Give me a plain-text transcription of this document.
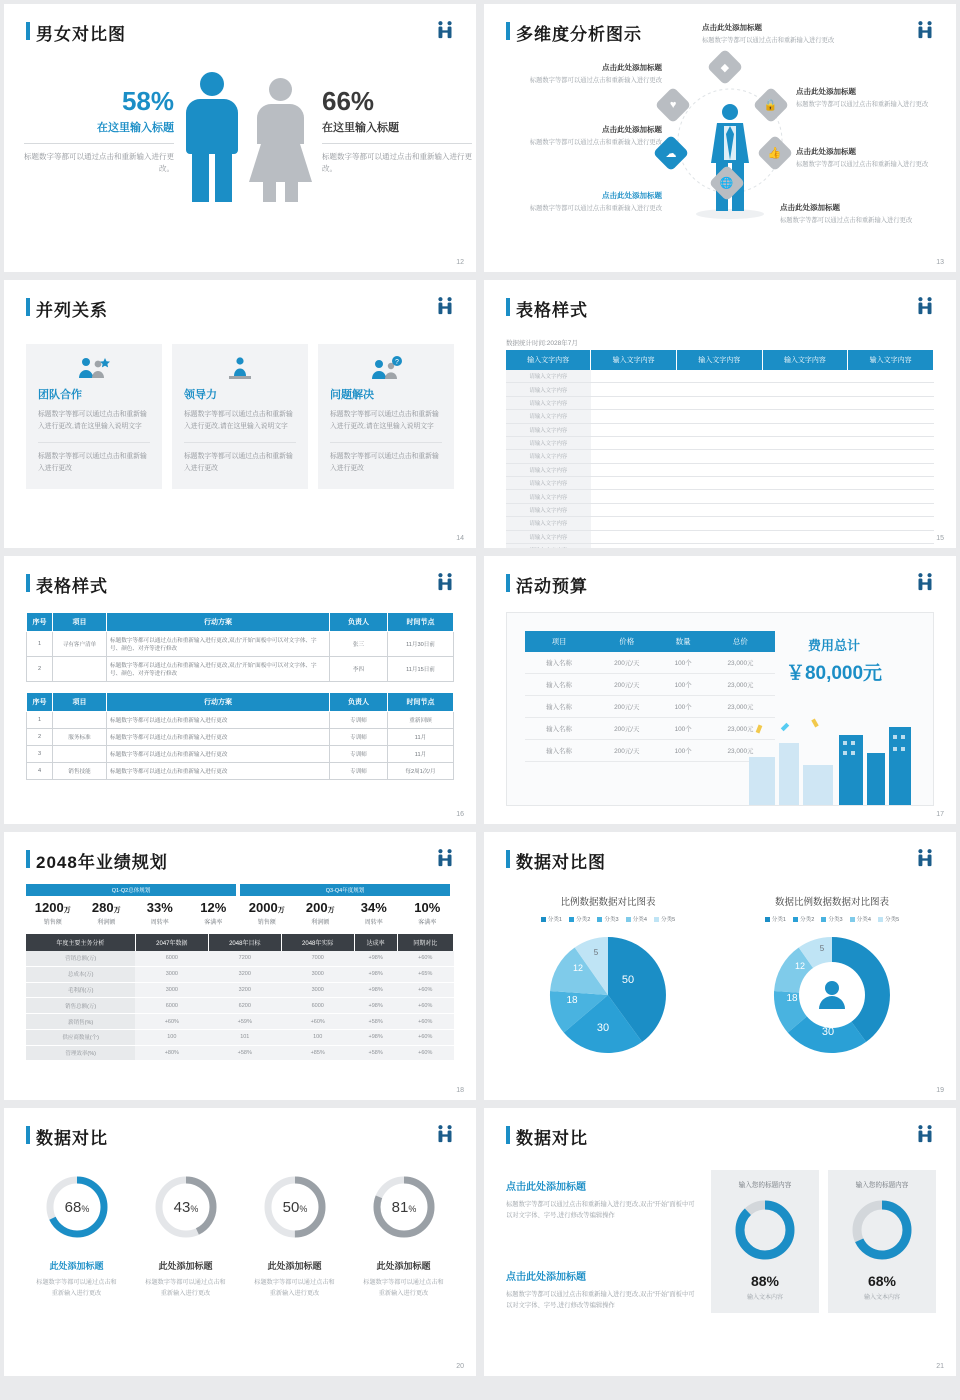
男女对比图
58%
在这里输入标题
标题数字等都可以通过点击和重新输入进行更改。
66%
在这里输入标题
标题数字等都可以通过点击和重新输入进行更改。
12
多维度分析图示
◆
♥
☁
🔒
👍
🌐
点击此处添加标题
标题数字等都可以通过点击和重新输入进行更改
点击此处添加标题
标题数字等都可以通过点击和重新输入进行更改
点击此处添加标题
标题数字等都可以通过点击和重新输入进行更改
点击此处添加标题
标题数字等都可以通过点击和重新输入进行更改
点击此处添加标题
标题数字等都可以通过点击和重新输入进行更改
点击此处添加标题
标题数字等都可以通过点击和重新输入进行更改
点击此处添加标题
标题数字等都可以通过点击和重新输入进行更改
13
并列关系
团队合作

标题数字等都可以通过点击和重新输入进行更改,请在这里输入说明文字

标题数字等都可以通过点击和重新输入进行更改

领导力

标题数字等都可以通过点击和重新输入进行更改,请在这里输入说明文字

标题数字等都可以通过点击和重新输入进行更改

?
问题解决

标题数字等都可以通过点击和重新输入进行更改,请在这里输入说明文字

标题数字等都可以通过点击和重新输入进行更改

14
表格样式
数据统计时间:2028年7月
输入文字内容	输入文字内容	输入文字内容	输入文字内容	输入文字内容
请输入文字内容				
请输入文字内容				
请输入文字内容				
请输入文字内容				
请输入文字内容				
请输入文字内容				
请输入文字内容				
请输入文字内容				
请输入文字内容				
请输入文字内容				
请输入文字内容				
请输入文字内容				
请输入文字内容				

					15
表格样式
序号	项目	行动方案	负责人	时间节点
1	寻有客户清单	标题数字等都可以通过点击和重新输入进行更改,双击“开始”面板中可以对文字体、字号、颜色、对齐等进行修改	张三	11月30日前
2		标题数字等都可以通过点击和重新输入进行更改,双击“开始”面板中可以对文字体、字号、颜色、对齐等进行修改	李四	11月15日前
序号	项目	行动方案	负责人	时间节点
1		标题数字等都可以通过点击和重新输入进行更改	专训师	重新回顾
2	服务标准	标题数字等都可以通过点击和重新输入进行更改	专训师	11月
3		标题数字等都可以通过点击和重新输入进行更改	专训师	11月
4	销售技能	标题数字等都可以通过点击和重新输入进行更改	专训师	每2周1次/月
16
活动预算
项目	价格	数量	总价
输入名称	200元/天	100个	23,000元
输入名称	200元/天	100个	23,000元
输入名称	200元/天	100个	23,000元
输入名称	200元/天	100个	23,000元
输入名称	200元/天	100个	23,000元
费用总计
￥80,000元
17
2048年业绩规划
Q1-Q2总体规划	Q3-Q4年度规划
1200万
销售额
280万
利润额
33%
周转率
12%
客满率
2000万
销售额
200万
利润额
34%
周转率
10%
客满率
年度主要主务分析	2047年数据	2048年目标	2048年实际	达成率	同期对比
营销总额(万)	6000	7200	7000	+98%	+60%
总成本(万)	3000	3200	3000	+98%	+65%
毛利润(万)	3000	3200	3000	+98%	+60%
销售总额(万)	6000	6200	6000	+98%	+60%
薪销售(%)	+60%	+59%	+60%	+58%	+60%
供应商数量(个)	100	101	100	+98%	+60%
管理效率(%)	+80%	+58%	+85%	+58%	+60%
18
数据对比图
比例数据数据对比图表
分类1	分类2	分类3	分类4	分类5
50
30
18
12
5
数据比例数据数据对比图表
分类1	分类2	分类3	分类4	分类5
50
30
18
12
5
19
数据对比
68%
此处添加标题

标题数字等都可以通过点击和重新输入进行更改

43%
此处添加标题

标题数字等都可以通过点击和重新输入进行更改

50%
此处添加标题

标题数字等都可以通过点击和重新输入进行更改

81%
此处添加标题

标题数字等都可以通过点击和重新输入进行更改

20
数据对比
点击此处添加标题

标题数字等都可以通过点击和重新输入进行更改,双击“开始”面板中可以对文字体、字号,进行修改等编辑操作

点击此处添加标题

标题数字等都可以通过点击和重新输入进行更改,双击“开始”面板中可以对文字体、字号,进行修改等编辑操作

输入您的标题内容
88%
输入文本内容
输入您的标题内容
68%
输入文本内容
21
